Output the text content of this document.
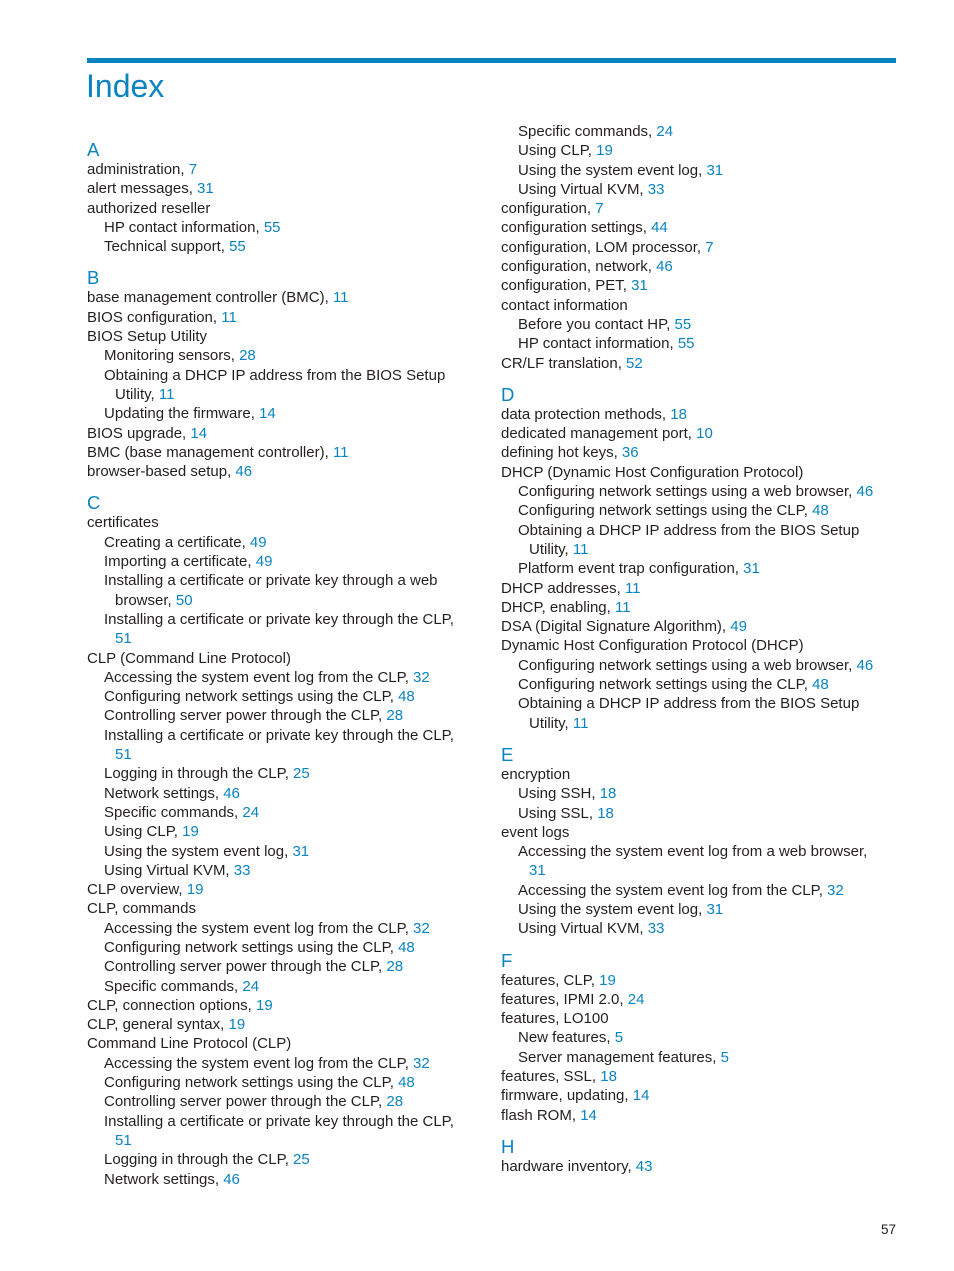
Index
A
administration, 7
alert messages, 31
authorized reseller
HP contact information, 55
Technical support, 55
B
base management controller (BMC), 11
BIOS configuration, 11
BIOS Setup Utility
Monitoring sensors, 28
Obtaining a DHCP IP address from the BIOS Setup
Utility, 11
Updating the firmware, 14
BIOS upgrade, 14
BMC (base management controller), 11
browser-based setup, 46
C
certificates
Creating a certificate, 49
Importing a certificate, 49
Installing a certificate or private key through a web
browser, 50
Installing a certificate or private key through the CLP,
51
CLP (Command Line Protocol)
Accessing the system event log from the CLP, 32
Configuring network settings using the CLP, 48
Controlling server power through the CLP, 28
Installing a certificate or private key through the CLP,
51
Logging in through the CLP, 25
Network settings, 46
Specific commands, 24
Using CLP, 19
Using the system event log, 31
Using Virtual KVM, 33
CLP overview, 19
CLP, commands
Accessing the system event log from the CLP, 32
Configuring network settings using the CLP, 48
Controlling server power through the CLP, 28
Specific commands, 24
CLP, connection options, 19
CLP, general syntax, 19
Command Line Protocol (CLP)
Accessing the system event log from the CLP, 32
Configuring network settings using the CLP, 48
Controlling server power through the CLP, 28
Installing a certificate or private key through the CLP,
51
Logging in through the CLP, 25
Network settings, 46
Specific commands, 24
Using CLP, 19
Using the system event log, 31
Using Virtual KVM, 33
configuration, 7
configuration settings, 44
configuration, LOM processor, 7
configuration, network, 46
configuration, PET, 31
contact information
Before you contact HP, 55
HP contact information, 55
CR/LF translation, 52
D
data protection methods, 18
dedicated management port, 10
defining hot keys, 36
DHCP (Dynamic Host Configuration Protocol)
Configuring network settings using a web browser, 46
Configuring network settings using the CLP, 48
Obtaining a DHCP IP address from the BIOS Setup
Utility, 11
Platform event trap configuration, 31
DHCP addresses, 11
DHCP, enabling, 11
DSA (Digital Signature Algorithm), 49
Dynamic Host Configuration Protocol (DHCP)
Configuring network settings using a web browser, 46
Configuring network settings using the CLP, 48
Obtaining a DHCP IP address from the BIOS Setup
Utility, 11
E
encryption
Using SSH, 18
Using SSL, 18
event logs
Accessing the system event log from a web browser,
31
Accessing the system event log from the CLP, 32
Using the system event log, 31
Using Virtual KVM, 33
F
features, CLP, 19
features, IPMI 2.0, 24
features, LO100
New features, 5
Server management features, 5
features, SSL, 18
firmware, updating, 14
flash ROM, 14
H
hardware inventory, 43
57
